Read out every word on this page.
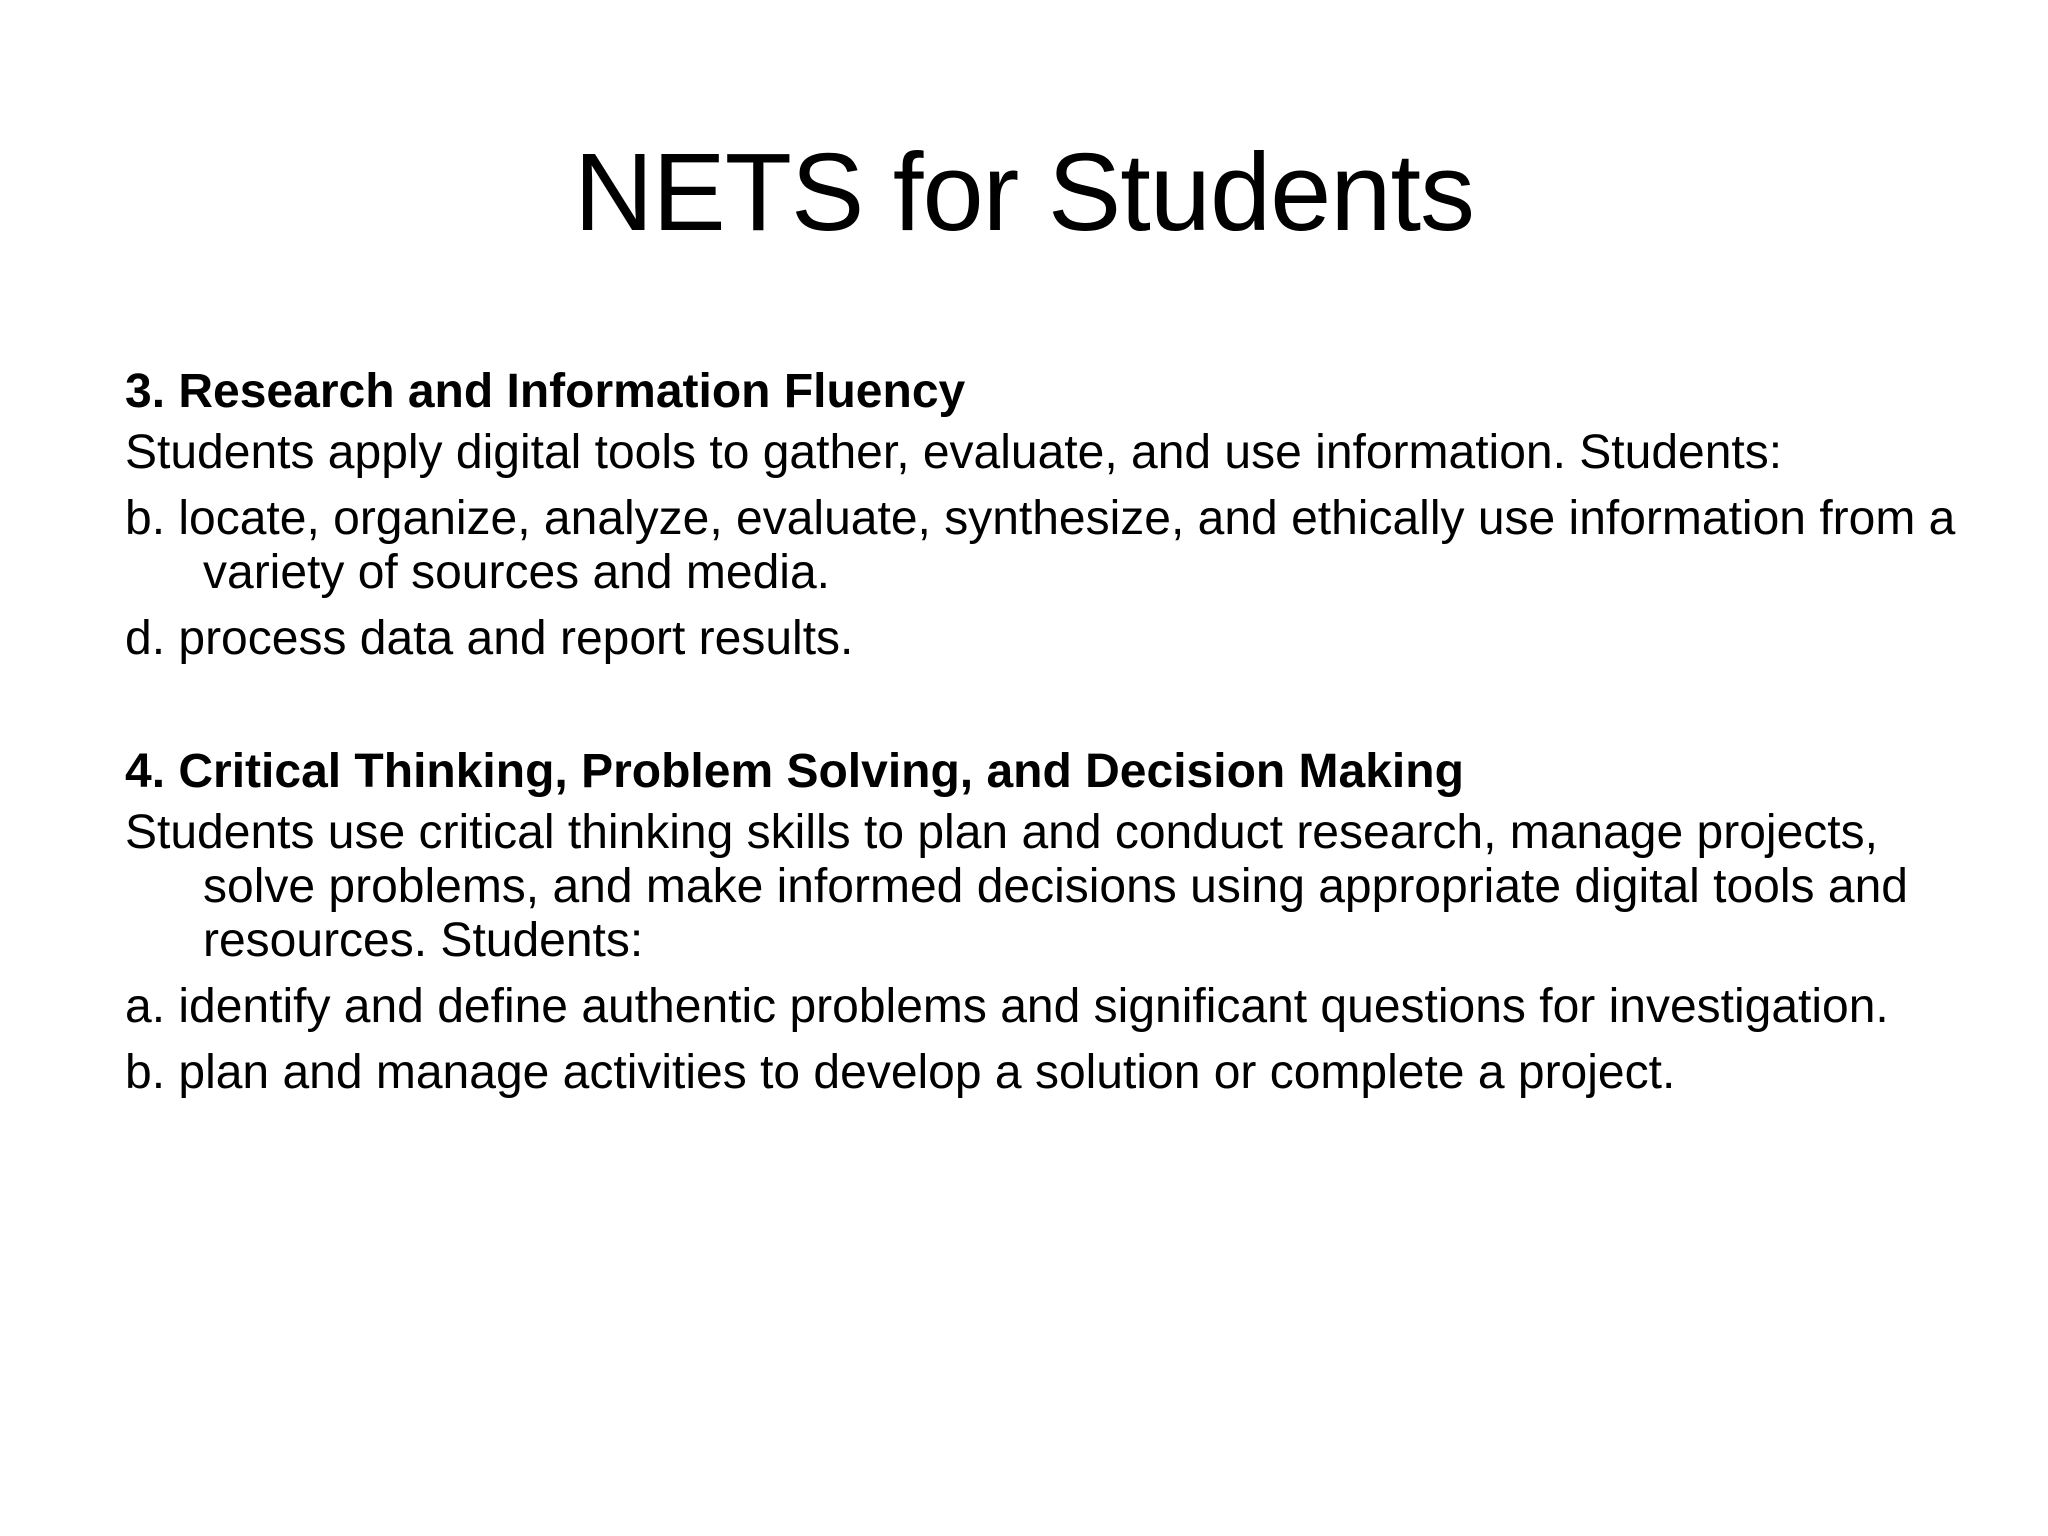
NETS for Students

3. Research and Information Fluency

Students apply digital tools to gather, evaluate, and use information. Students:

b. locate, organize, analyze, evaluate, synthesize, and ethically use information from a variety of sources and media.

d. process data and report results.

4. Critical Thinking, Problem Solving, and Decision Making

Students use critical thinking skills to plan and conduct research, manage projects, solve problems, and make informed decisions using appropriate digital tools and resources. Students:

a. identify and define authentic problems and significant questions for investigation.

b. plan and manage activities to develop a solution or complete a project.
